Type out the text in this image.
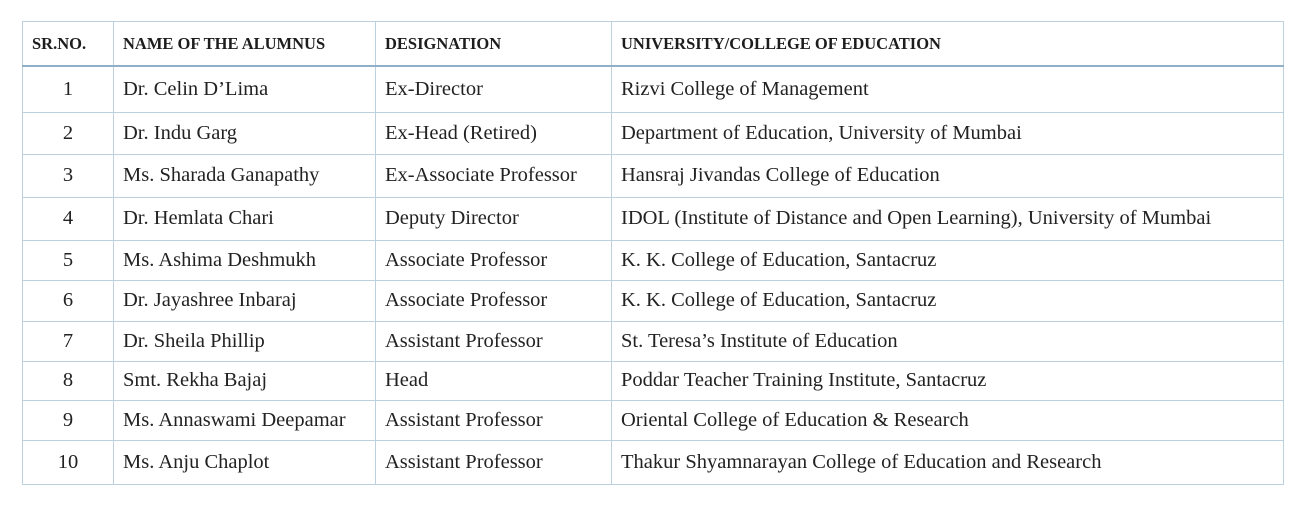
SR.NO.	NAME OF THE ALUMNUS	DESIGNATION	UNIVERSITY/COLLEGE OF EDUCATION
1	Dr. Celin D’Lima	Ex-Director	Rizvi College of Management
2	Dr. Indu Garg	Ex-Head (Retired)	Department of Education, University of Mumbai
3	Ms. Sharada Ganapathy	Ex-Associate Professor	Hansraj Jivandas College of Education
4	Dr. Hemlata Chari	Deputy Director	IDOL (Institute of Distance and Open Learning), University of Mumbai
5	Ms. Ashima Deshmukh	Associate Professor	K. K. College of Education, Santacruz
6	Dr. Jayashree Inbaraj	Associate Professor	K. K. College of Education, Santacruz
7	Dr. Sheila Phillip	Assistant Professor	St. Teresa’s Institute of Education
8	Smt. Rekha Bajaj	Head	Poddar Teacher Training Institute, Santacruz
9	Ms. Annaswami Deepamar	Assistant Professor	Oriental College of Education & Research
10	Ms. Anju Chaplot	Assistant Professor	Thakur Shyamnarayan College of Education and Research
